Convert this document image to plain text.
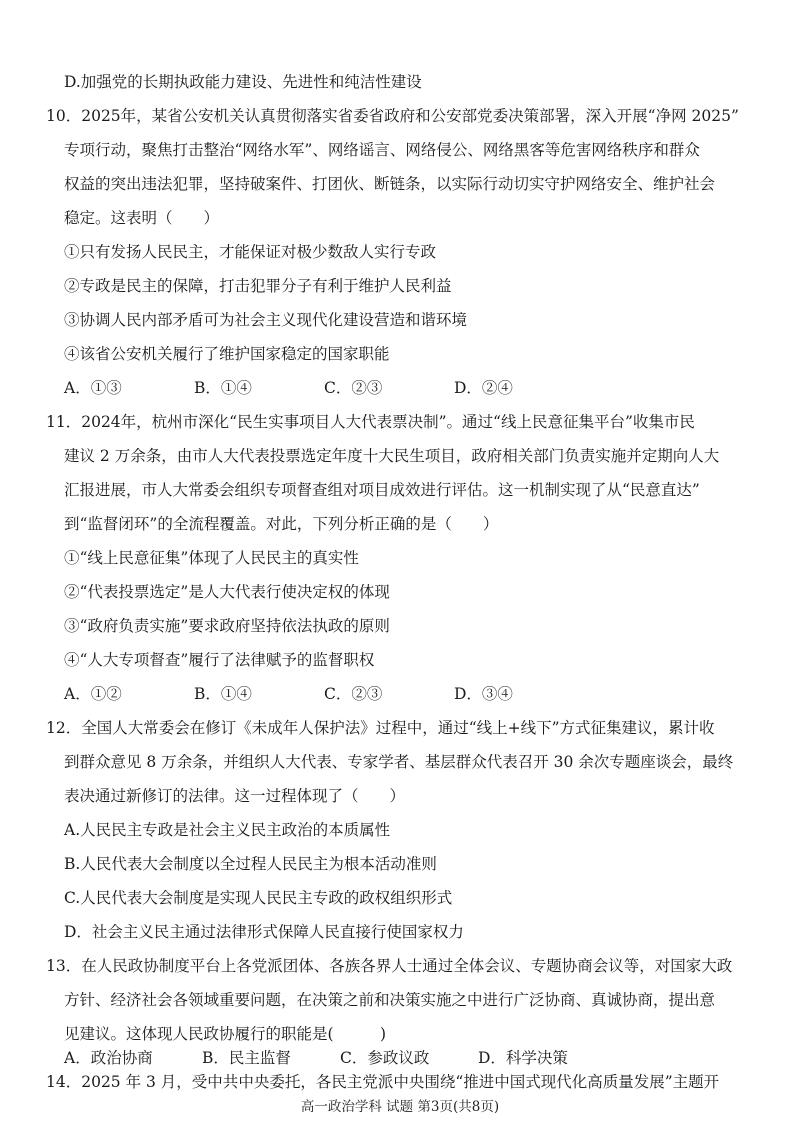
D.加强党的长期执政能力建设、先进性和纯洁性建设
10．2025年，某省公安机关认真贯彻落实省委省政府和公安部党委决策部署，深入开展“净网 2025”
专项行动，聚焦打击整治“网络水军”、网络谣言、网络侵公、网络黑客等危害网络秩序和群众
权益的突出违法犯罪，坚持破案件、打团伙、断链条，以实际行动切实守护网络安全、维护社会
稳定。这表明（　　）
①只有发扬人民民主，才能保证对极少数敌人实行专政
②专政是民主的保障，打击犯罪分子有利于维护人民利益
③协调人民内部矛盾可为社会主义现代化建设营造和谐环境
④该省公安机关履行了维护国家稳定的国家职能
A．①③	B．①④	C．②③	D．②④
11．2024年，杭州市深化“民生实事项目人大代表票决制”。通过“线上民意征集平台”收集市民
建议 2 万余条，由市人大代表投票选定年度十大民生项目，政府相关部门负责实施并定期向人大
汇报进展，市人大常委会组织专项督查组对项目成效进行评估。这一机制实现了从“民意直达”
到“监督闭环”的全流程覆盖。对此，下列分析正确的是（　　）
①“线上民意征集”体现了人民民主的真实性
②“代表投票选定”是人大代表行使决定权的体现
③“政府负责实施”要求政府坚持依法执政的原则
④“人大专项督查”履行了法律赋予的监督职权
A．①②	B．①④	C．②③	D．③④
12．全国人大常委会在修订《未成年人保护法》过程中，通过“线上+线下”方式征集建议，累计收
到群众意见 8 万余条，并组织人大代表、专家学者、基层群众代表召开 30 余次专题座谈会，最终
表决通过新修订的法律。这一过程体现了（　　）
A.人民民主专政是社会主义民主政治的本质属性
B.人民代表大会制度以全过程人民民主为根本活动准则
C.人民代表大会制度是实现人民民主专政的政权组织形式
D．社会主义民主通过法律形式保障人民直接行使国家权力
13．在人民政协制度平台上各党派团体、各族各界人士通过全体会议、专题协商会议等，对国家大政
方针、经济社会各领域重要问题，在决策之前和决策实施之中进行广泛协商、真诚协商，提出意
见建议。这体现人民政协履行的职能是(　　　)
A．政治协商	B．民主监督	C．参政议政	D．科学决策
14．2025 年 3 月，受中共中央委托，各民主党派中央围绕“推进中国式现代化高质量发展”主题开
高一政治学科 试题 第3页(共8页)
